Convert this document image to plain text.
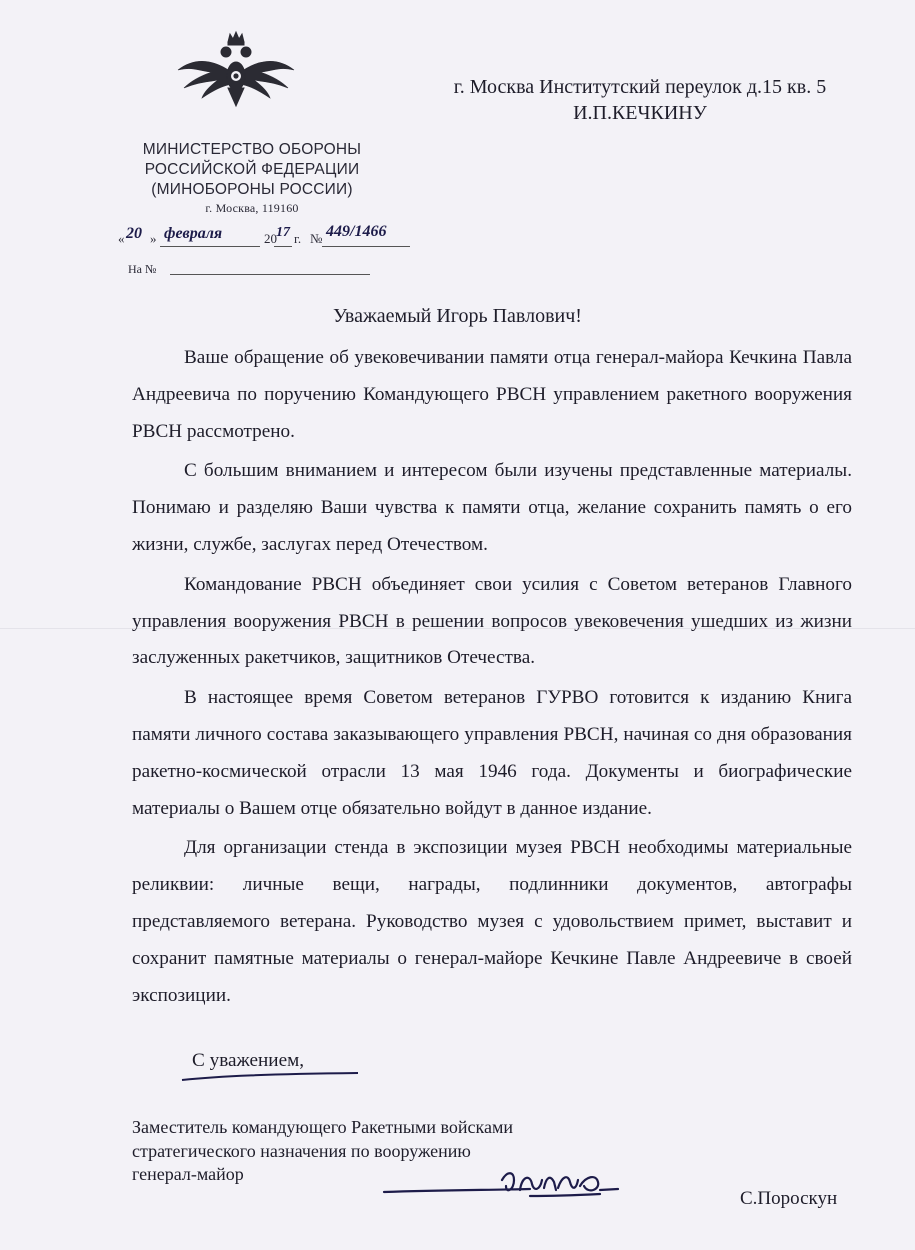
МИНИСТЕРСТВО ОБОРОНЫ
РОССИЙСКОЙ ФЕДЕРАЦИИ
(МИНОБОРОНЫ РОССИИ)
г. Москва, 119160
« 20 » февраля	20 17 г. № 449/1466
На №
г. Москва Институтский переулок д.15 кв. 5
И.П.КЕЧКИНУ
Уважаемый Игорь Павлович!

Ваше обращение об увековечивании памяти отца генерал-майора Кечкина Павла Андреевича по поручению Командующего РВСН управлением ракетного вооружения РВСН рассмотрено.

С большим вниманием и интересом были изучены представленные материалы. Понимаю и разделяю Ваши чувства к памяти отца, желание сохранить память о его жизни, службе, заслугах перед Отечеством.

Командование РВСН объединяет свои усилия с Советом ветеранов Главного управления вооружения РВСН в решении вопросов увековечения ушедших из жизни заслуженных ракетчиков, защитников Отечества.

В настоящее время Советом ветеранов ГУРВО готовится к изданию Книга памяти личного состава заказывающего управления РВСН, начиная со дня образования ракетно-космической отрасли 13 мая 1946 года. Документы и биографические материалы о Вашем отце обязательно войдут в данное издание.

Для организации стенда в экспозиции музея РВСН необходимы материальные реликвии: личные вещи, награды, подлинники документов, автографы представляемого ветерана. Руководство музея с удовольствием примет, выставит и сохранит памятные материалы о генерал-майоре Кечкине Павле Андреевиче в своей экспозиции.

С уважением,
Заместитель командующего Ракетными войсками
стратегического назначения по вооружению
генерал-майор
С.Пороскун
